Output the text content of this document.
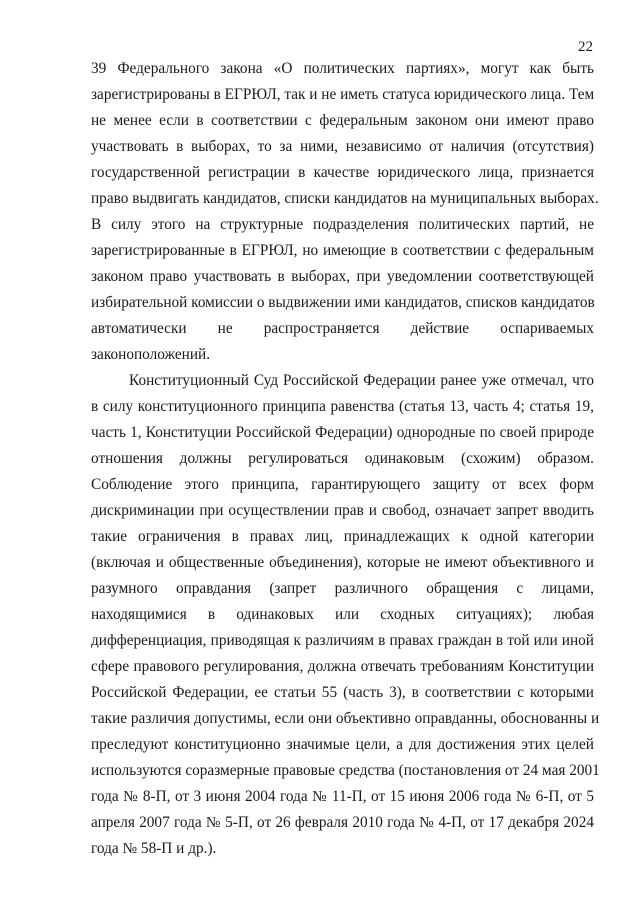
22
39 Федерального закона «О политических партиях», могут как быть
зарегистрированы в ЕГРЮЛ, так и не иметь статуса юридического лица. Тем
не менее если в соответствии с федеральным законом они имеют право
участвовать в выборах, то за ними, независимо от наличия (отсутствия)
государственной регистрации в качестве юридического лица, признается
право выдвигать кандидатов, списки кандидатов на муниципальных выборах.
В силу этого на структурные подразделения политических партий, не
зарегистрированные в ЕГРЮЛ, но имеющие в соответствии с федеральным
законом право участвовать в выборах, при уведомлении соответствующей
избирательной комиссии о выдвижении ими кандидатов, списков кандидатов
автоматически не распространяется действие оспариваемых
законоположений.
Конституционный Суд Российской Федерации ранее уже отмечал, что
в силу конституционного принципа равенства (статья 13, часть 4; статья 19,
часть 1, Конституции Российской Федерации) однородные по своей природе
отношения должны регулироваться одинаковым (схожим) образом.
Соблюдение этого принципа, гарантирующего защиту от всех форм
дискриминации при осуществлении прав и свобод, означает запрет вводить
такие ограничения в правах лиц, принадлежащих к одной категории
(включая и общественные объединения), которые не имеют объективного и
разумного оправдания (запрет различного обращения с лицами,
находящимися в одинаковых или сходных ситуациях); любая
дифференциация, приводящая к различиям в правах граждан в той или иной
сфере правового регулирования, должна отвечать требованиям Конституции
Российской Федерации, ее статьи 55 (часть 3), в соответствии с которыми
такие различия допустимы, если они объективно оправданны, обоснованны и
преследуют конституционно значимые цели, а для достижения этих целей
используются соразмерные правовые средства (постановления от 24 мая 2001
года № 8-П, от 3 июня 2004 года № 11-П, от 15 июня 2006 года № 6-П, от 5
апреля 2007 года № 5-П, от 26 февраля 2010 года № 4-П, от 17 декабря 2024
года № 58-П и др.).
